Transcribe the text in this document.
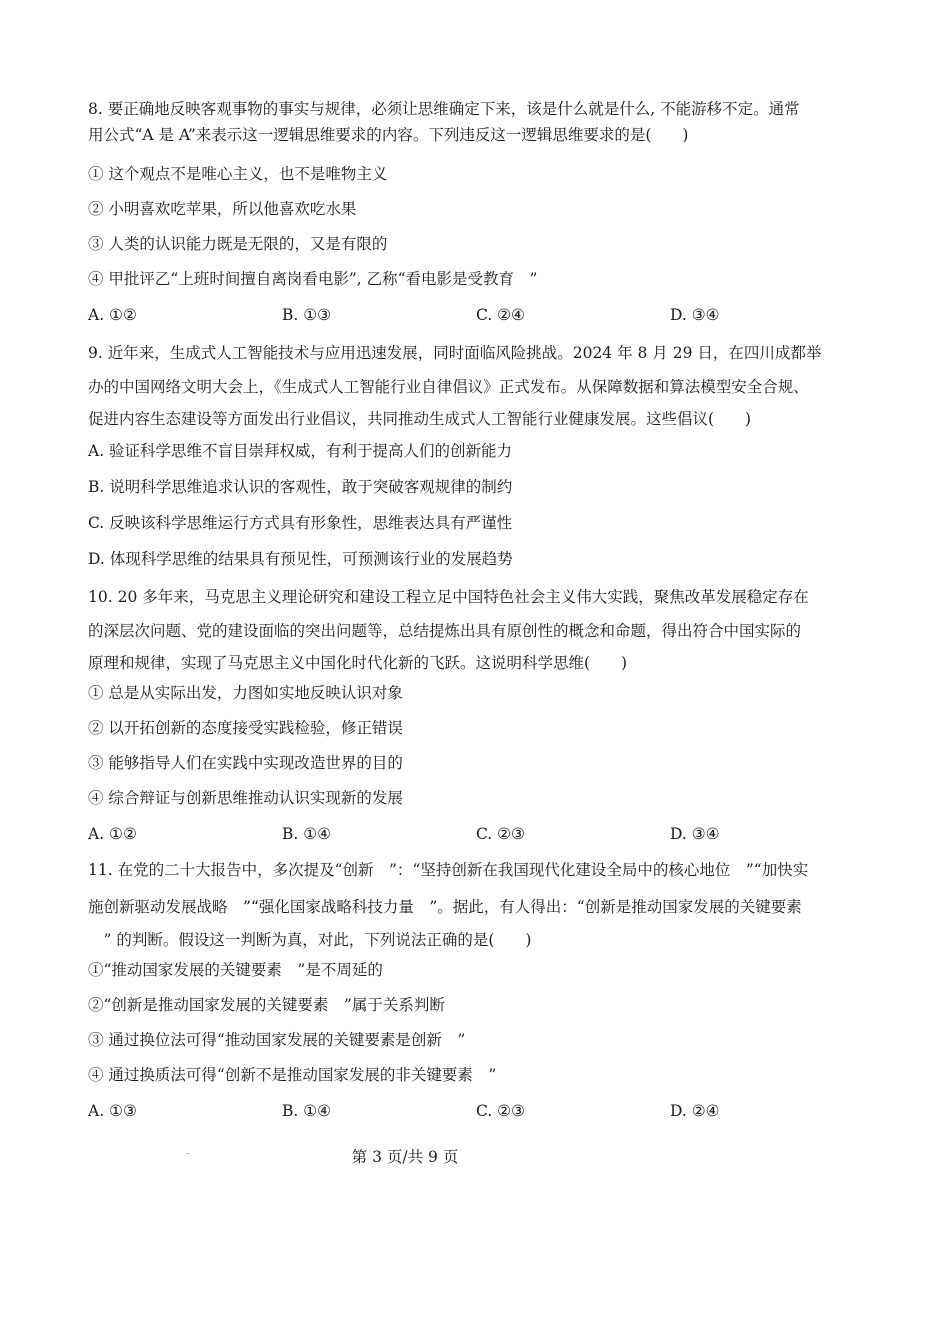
8. 要正确地反映客观事物的事实与规律，必须让思维确定下来，该是什么就是什么, 不能游移不定。通常
用公式“A 是 A”来表示这一逻辑思维要求的内容。下列违反这一逻辑思维要求的是(　　)
① 这个观点不是唯心主义，也不是唯物主义
② 小明喜欢吃苹果，所以他喜欢吃水果
③ 人类的认识能力既是无限的，又是有限的
④ 甲批评乙“上班时间擅自离岗看电影”, 乙称“看电影是受教育　”
A. ①②	B. ①③	C. ②④	D. ③④
9. 近年来，生成式人工智能技术与应用迅速发展，同时面临风险挑战。2024 年 8 月 29 日，在四川成都举
办的中国网络文明大会上，《生成式人工智能行业自律倡议》正式发布。从保障数据和算法模型安全合规、
促进内容生态建设等方面发出行业倡议，共同推动生成式人工智能行业健康发展。这些倡议(　　)
A. 验证科学思维不盲目崇拜权威，有利于提高人们的创新能力
B. 说明科学思维追求认识的客观性，敢于突破客观规律的制约
C. 反映该科学思维运行方式具有形象性，思维表达具有严谨性
D. 体现科学思维的结果具有预见性，可预测该行业的发展趋势
10. 20 多年来，马克思主义理论研究和建设工程立足中国特色社会主义伟大实践，聚焦改革发展稳定存在
的深层次问题、党的建设面临的突出问题等，总结提炼出具有原创性的概念和命题，得出符合中国实际的
原理和规律，实现了马克思主义中国化时代化新的飞跃。这说明科学思维(　　)
① 总是从实际出发，力图如实地反映认识对象
② 以开拓创新的态度接受实践检验，修正错误
③ 能够指导人们在实践中实现改造世界的目的
④ 综合辩证与创新思维推动认识实现新的发展
A. ①②	B. ①④	C. ②③	D. ③④
11. 在党的二十大报告中，多次提及“创新　”：“坚持创新在我国现代化建设全局中的核心地位　”“加快实
施创新驱动发展战略　”“强化国家战略科技力量　”。据此，有人得出：“创新是推动国家发展的关键要素
　” 的判断。假设这一判断为真，对此，下列说法正确的是(　　)
①“推动国家发展的关键要素　”是不周延的
②“创新是推动国家发展的关键要素　”属于关系判断
③ 通过换位法可得“推动国家发展的关键要素是创新　”
④ 通过换质法可得“创新不是推动国家发展的非关键要素　”
A. ①③	B. ①④	C. ②③	D. ②④
第 3 页/共 9 页
